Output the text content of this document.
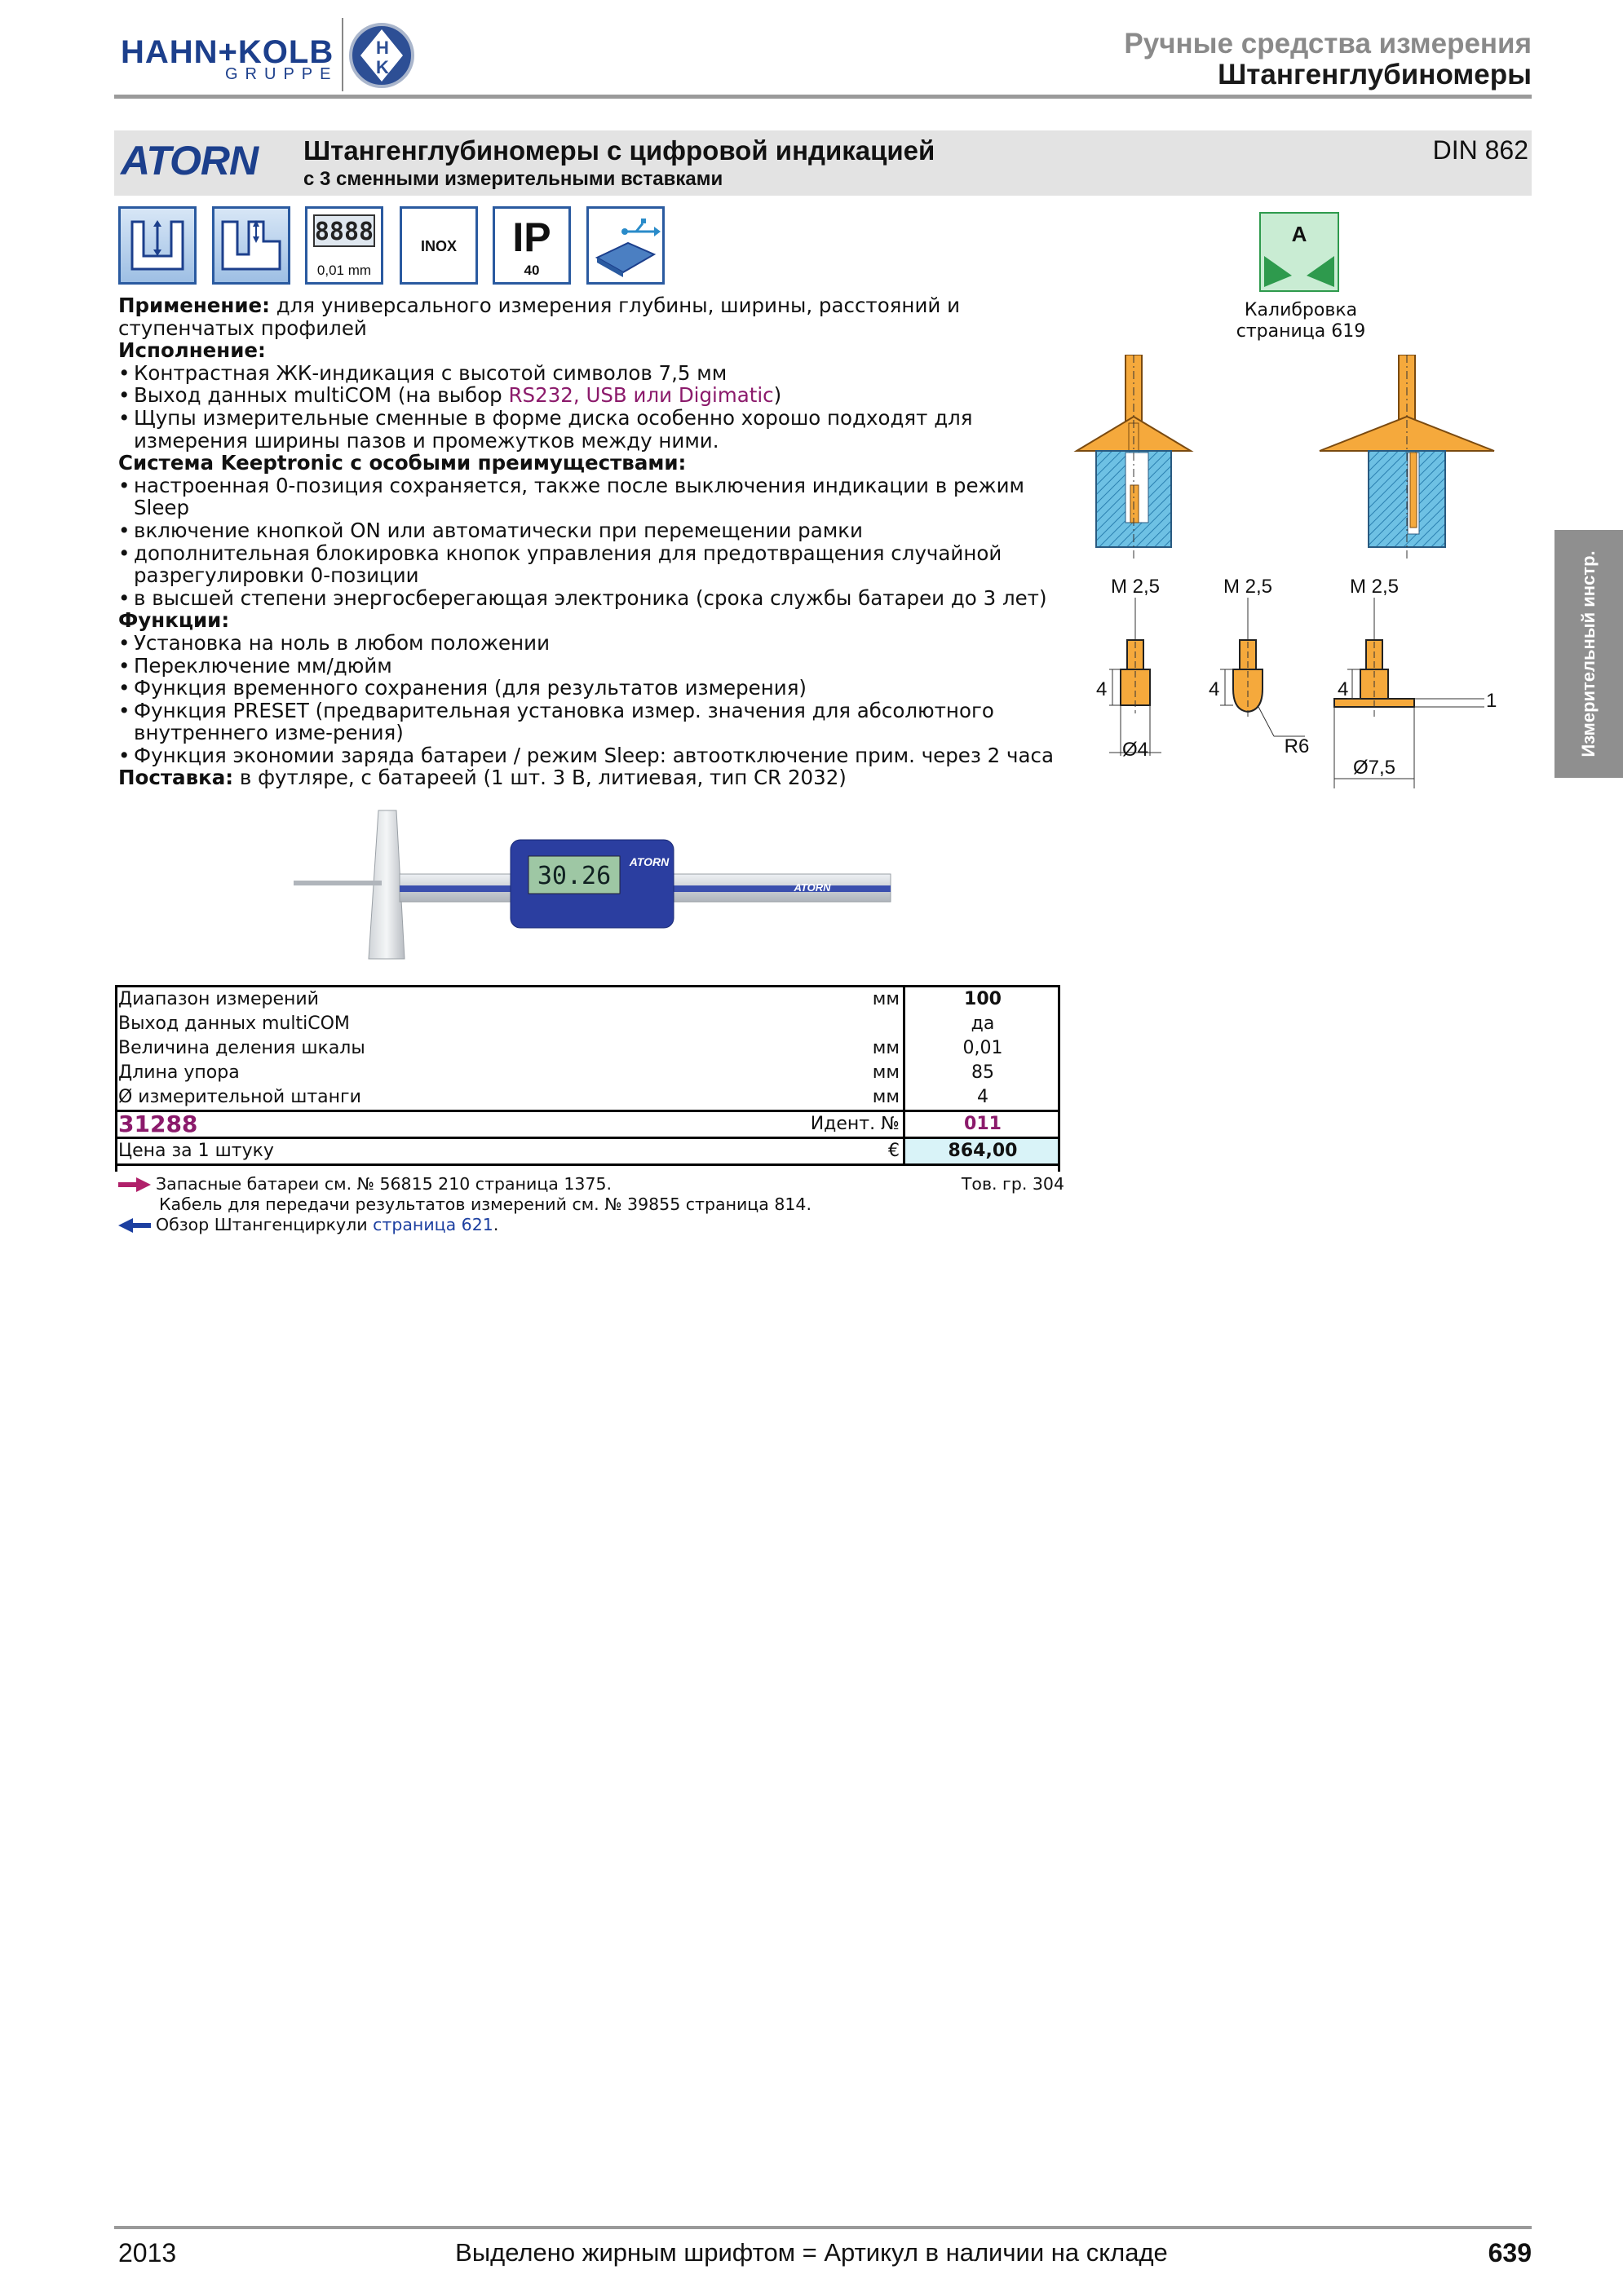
HAHN+KOLB
GRUPPE
H
K
Ручные средства измерения
Штангенглубиномеры
ATORN Штангенглубиномеры с цифровой индикацией
с 3 сменными измерительными вставками
DIN 862
8888
0,01 mm
INOX	IP
40
A
Калибровка
страница 619

Применение: для универсального измерения глубины, ширины, расстояний и ступенчатых профилей

Исполнение:

• Контрастная ЖК-индикация с высотой символов 7,5 мм
• Выход данных multiCOM (на выбор RS232, USB или Digimatic)
• Щупы измерительные сменные в форме диска особенно хорошо подходят для измерения ширины пазов и промежутков между ними.

Система Keeptronic с особыми преимуществами:

• настроенная 0-позиция сохраняется, также после выключения индикации в режим Sleep
• включение кнопкой ON или автоматически при перемещении рамки
• дополнительная блокировка кнопок управления для предотвращения случайной разрегулировки 0-позиции
• в высшей степени энергосберегающая электроника (срока службы батареи до 3 лет)

Функции:

• Установка на ноль в любом положении
• Переключение мм/дюйм
• Функция временного сохранения (для результатов измерения)
• Функция PRESET (предварительная установка измер. значения для абсолютного внутреннего изме-рения)
• Функция экономии заряда батареи / режим Sleep: автоотключение прим. через 2 часа

Поставка: в футляре, с батареей (1 шт. 3 В, литиевая, тип CR 2032)

30.26 ATORN
ATORN
M 2,5	M 2,5	M 2,5
Ø4
4	4
R6
4
Ø7,5
1
Диапазон измерений	мм	100
Выход данных multiCOM		да
Величина деления шкалы	мм	0,01
Длина упора	мм	85
Ø измерительной штанги	мм	4
31288	Идент. №	011
Цена за 1 штуку	€	864,00
Запасные батареи см. № 56815 210 страница 1375.	Тов. гр. 304
Кабель для передачи результатов измерений см. № 39855 страница 814.
Обзор Штангенциркули страница 621.
Измерительный инстр.
2013	Выделено жирным шрифтом = Артикул в наличии на складе	639
